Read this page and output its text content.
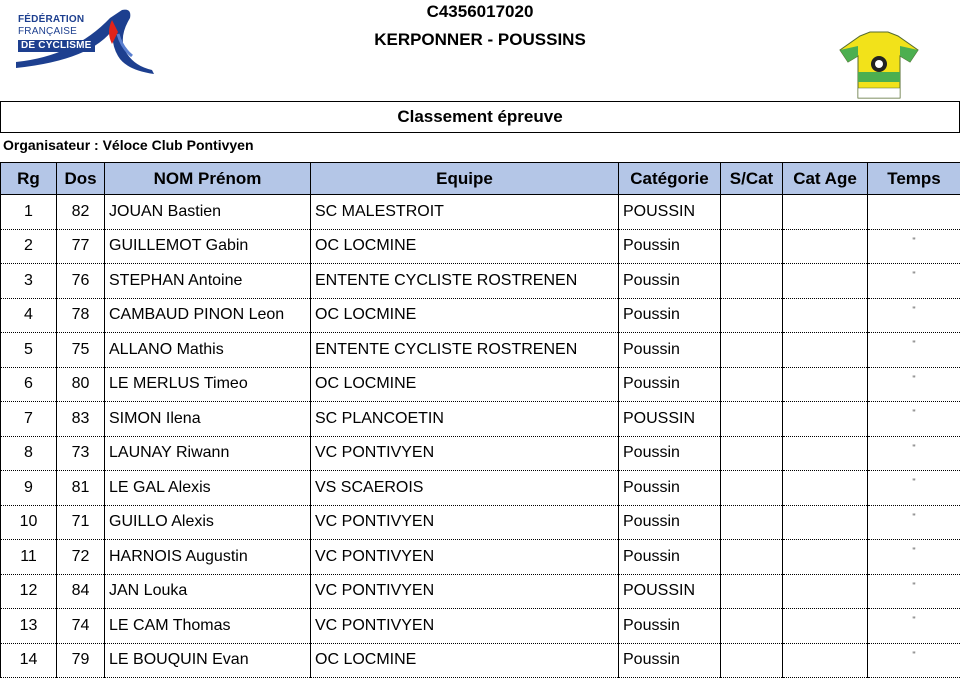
FÉDÉRATION
FRANÇAISE
DE CYCLISME
C4356017020
KERPONNER - POUSSINS
Classement épreuve
Organisateur : Véloce Club Pontivyen
Rg	Dos	NOM Prénom	Equipe	Catégorie	S/Cat	Cat Age	Temps
1	82	JOUAN Bastien	SC MALESTROIT	POUSSIN			
2	77	GUILLEMOT Gabin	OC LOCMINE	Poussin			"
3	76	STEPHAN Antoine	ENTENTE CYCLISTE ROSTRENEN	Poussin			"
4	78	CAMBAUD PINON Leon	OC LOCMINE	Poussin			"
5	75	ALLANO Mathis	ENTENTE CYCLISTE ROSTRENEN	Poussin			"
6	80	LE MERLUS Timeo	OC LOCMINE	Poussin			"
7	83	SIMON Ilena	SC PLANCOETIN	POUSSIN			"
8	73	LAUNAY Riwann	VC PONTIVYEN	Poussin			"
9	81	LE GAL Alexis	VS SCAEROIS	Poussin			"
10	71	GUILLO Alexis	VC PONTIVYEN	Poussin			"
11	72	HARNOIS Augustin	VC PONTIVYEN	Poussin			"
12	84	JAN Louka	VC PONTIVYEN	POUSSIN			"
13	74	LE CAM Thomas	VC PONTIVYEN	Poussin			"
14	79	LE BOUQUIN Evan	OC LOCMINE	Poussin			"
